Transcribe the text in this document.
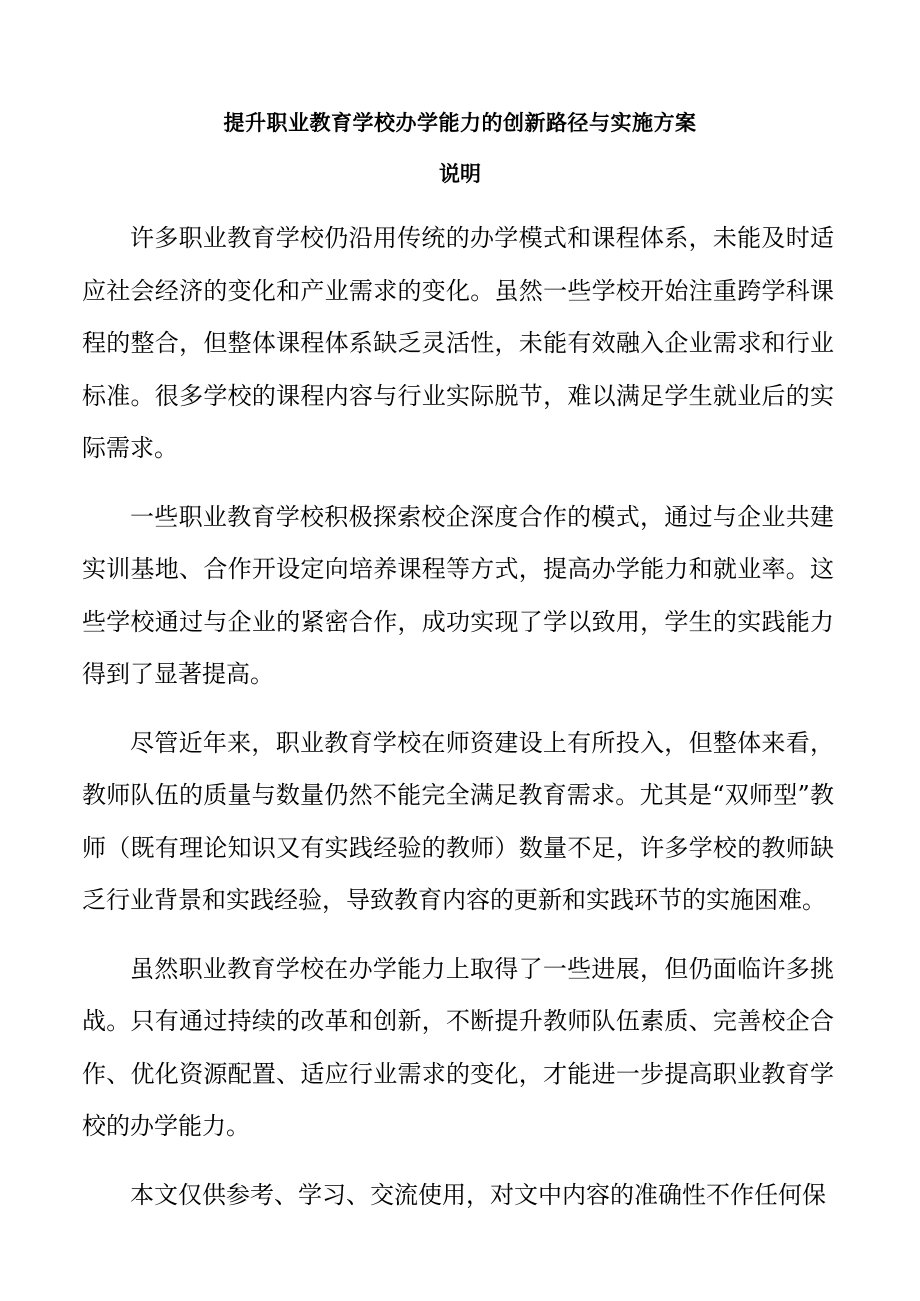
提升职业教育学校办学能力的创新路径与实施方案
说明

许多职业教育学校仍沿用传统的办学模式和课程体系，未能及时适应社会经济的变化和产业需求的变化。虽然一些学校开始注重跨学科课程的整合，但整体课程体系缺乏灵活性，未能有效融入企业需求和行业标准。很多学校的课程内容与行业实际脱节，难以满足学生就业后的实际需求。

一些职业教育学校积极探索校企深度合作的模式，通过与企业共建实训基地、合作开设定向培养课程等方式，提高办学能力和就业率。这些学校通过与企业的紧密合作，成功实现了学以致用，学生的实践能力得到了显著提高。

尽管近年来，职业教育学校在师资建设上有所投入，但整体来看，教师队伍的质量与数量仍然不能完全满足教育需求。尤其是“双师型”教师（既有理论知识又有实践经验的教师）数量不足，许多学校的教师缺乏行业背景和实践经验，导致教育内容的更新和实践环节的实施困难。

虽然职业教育学校在办学能力上取得了一些进展，但仍面临许多挑战。只有通过持续的改革和创新，不断提升教师队伍素质、完善校企合作、优化资源配置、适应行业需求的变化，才能进一步提高职业教育学校的办学能力。

本文仅供参考、学习、交流使用，对文中内容的准确性不作任何保
